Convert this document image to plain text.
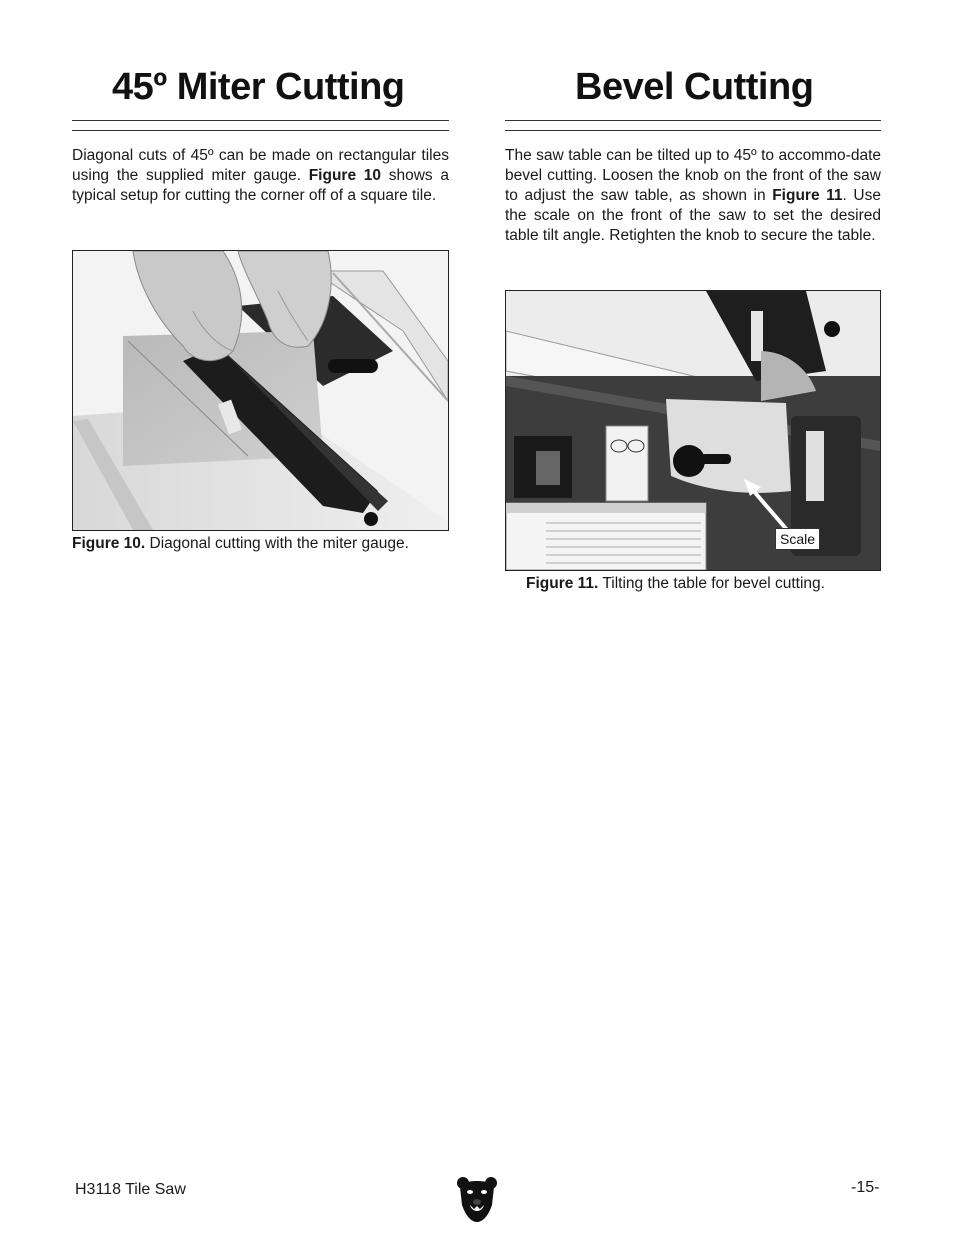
45º Miter Cutting

Diagonal cuts of 45º can be made on rectangular tiles using the supplied miter gauge. Figure 10 shows a typical setup for cutting the corner off of a square tile.

Figure 10. Diagonal cutting with the miter gauge.

Bevel Cutting

The saw table can be tilted up to 45º to accommo-date bevel cutting. Loosen the knob on the front of the saw to adjust the saw table, as shown in Figure 11. Use the scale on the front of the saw to set the desired table tilt angle. Retighten the knob to secure the table.

Scale

Figure 11. Tilting the table for bevel cutting.

H3118 Tile Saw	-15-
